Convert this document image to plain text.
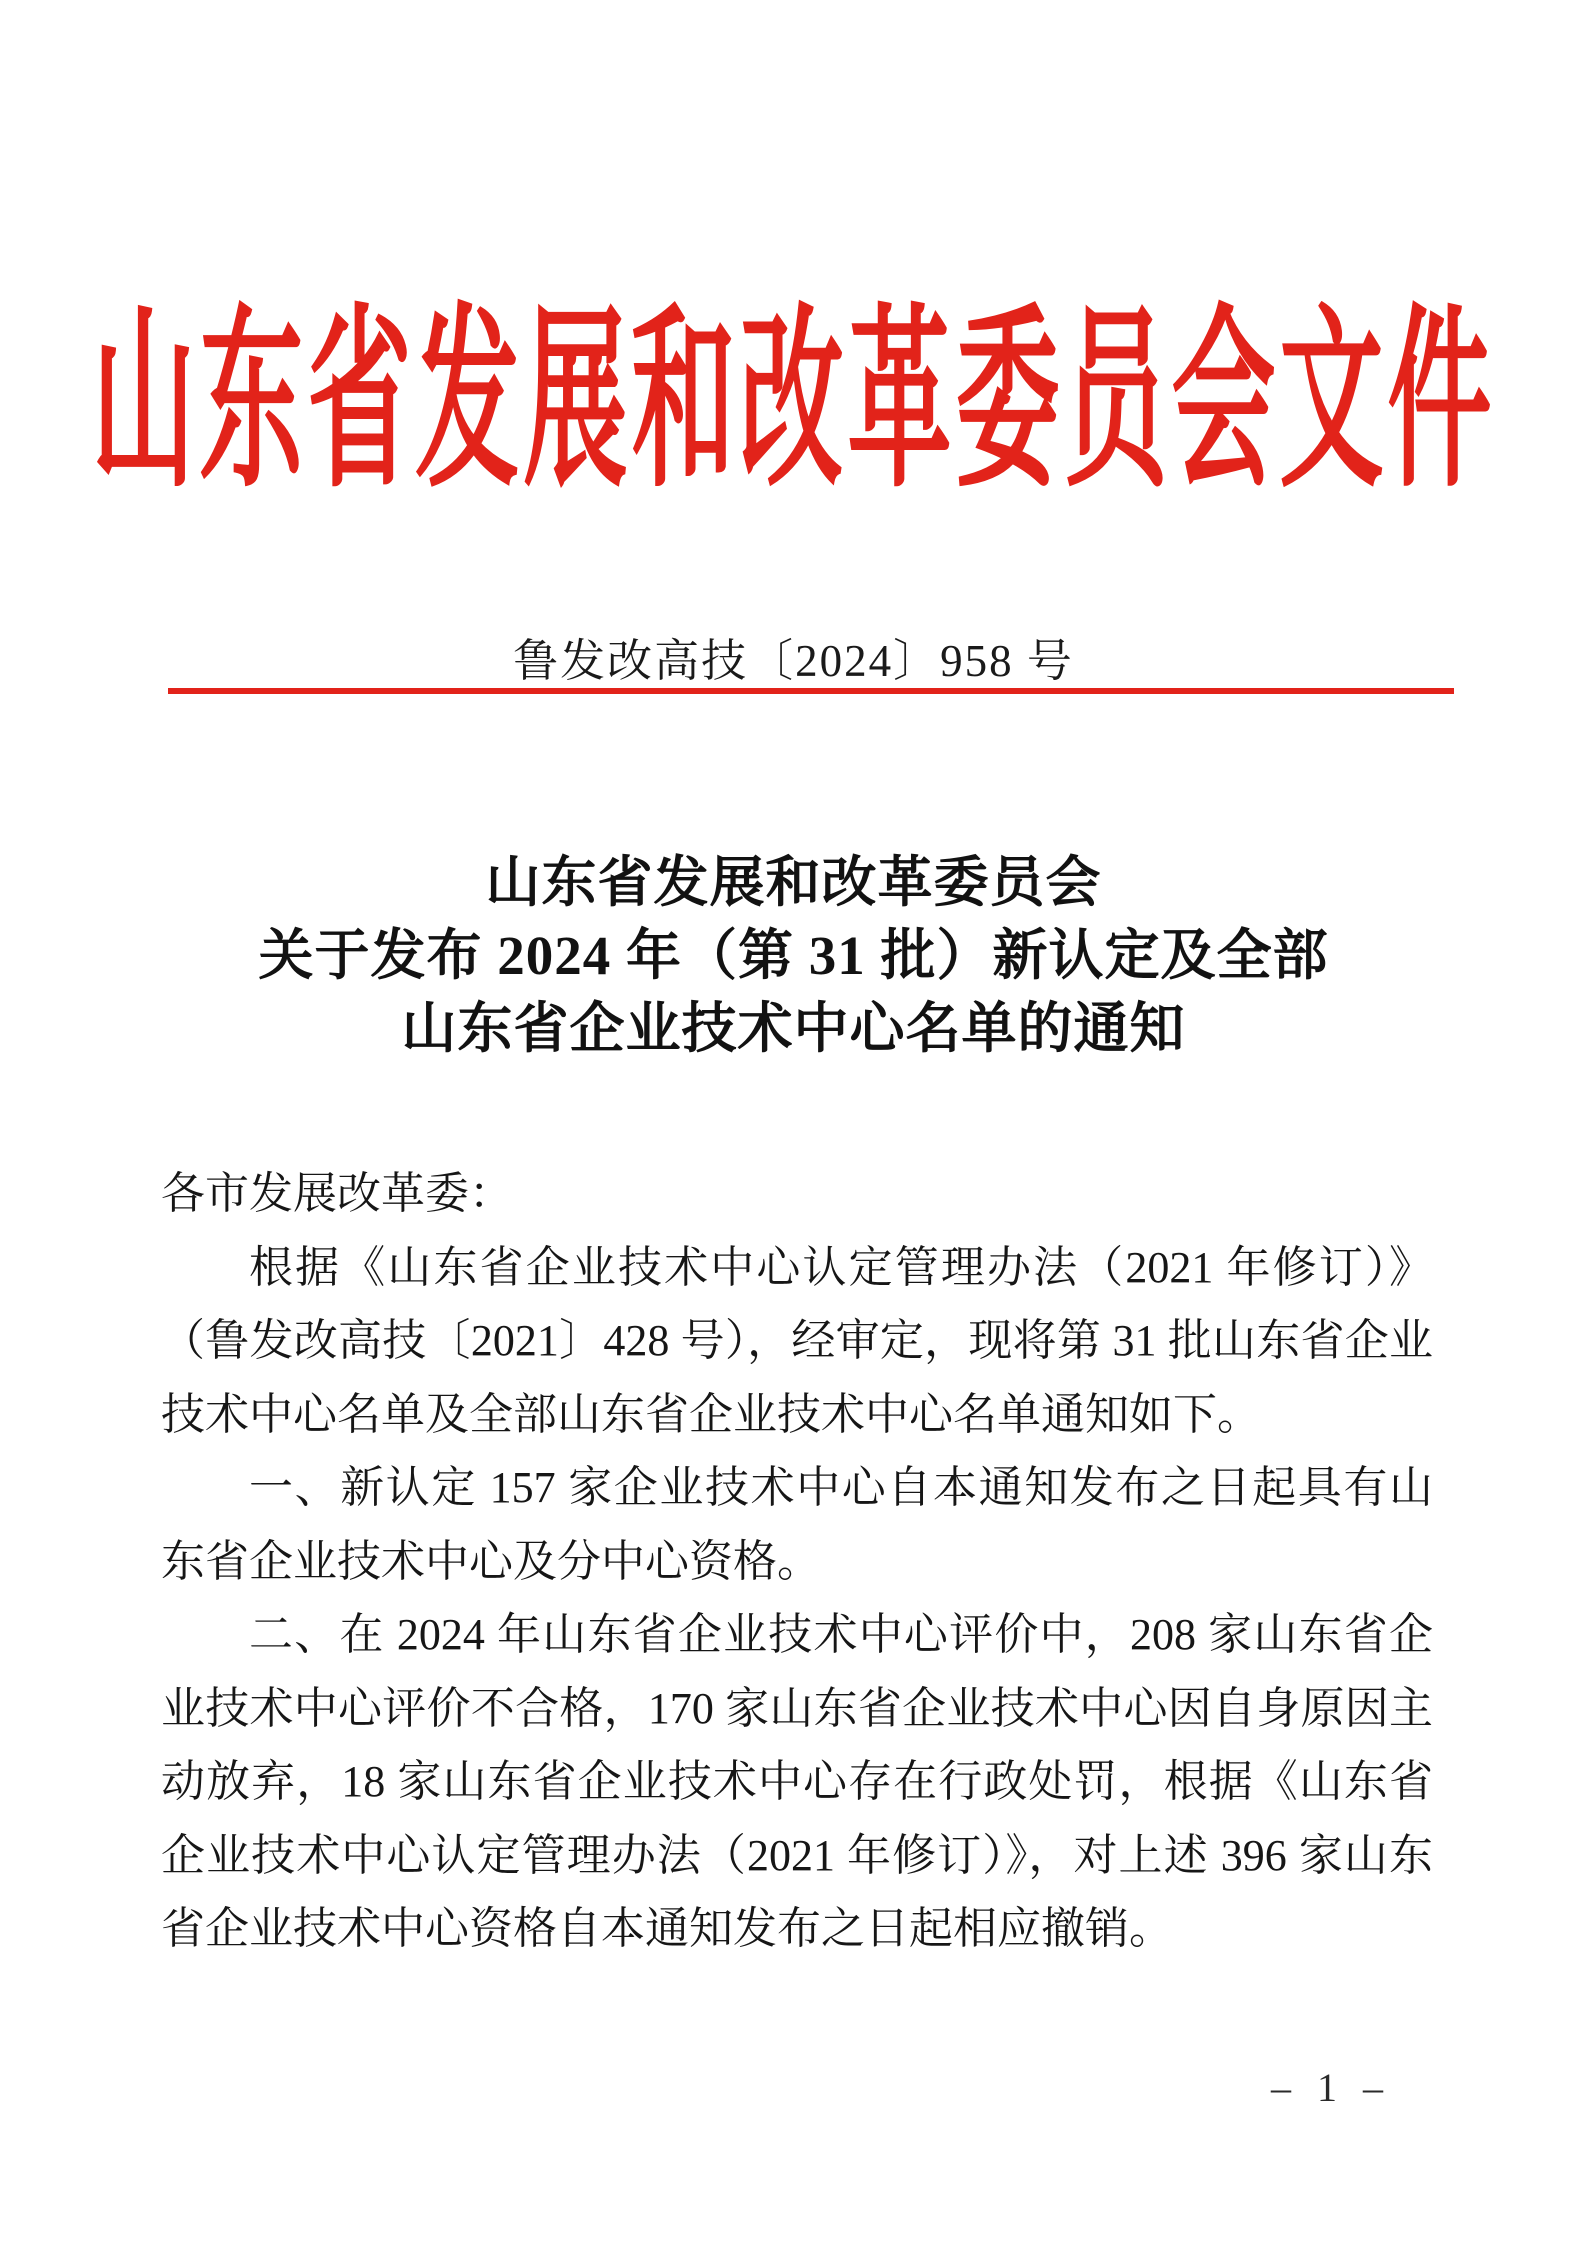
山东省发展和改革委员会文件
鲁发改高技〔2024〕958 号
山东省发展和改革委员会
关于发布 2024 年（第 31 批）新认定及全部
山东省企业技术中心名单的通知

各市发展改革委：

根据《山东省企业技术中心认定管理办法（2021 年修订）》（鲁发改高技〔2021〕428 号），经审定，现将第 31 批山东省企业技术中心名单及全部山东省企业技术中心名单通知如下。

一、新认定 157 家企业技术中心自本通知发布之日起具有山东省企业技术中心及分中心资格。

二、在 2024 年山东省企业技术中心评价中，208 家山东省企业技术中心评价不合格，170 家山东省企业技术中心因自身原因主动放弃，18 家山东省企业技术中心存在行政处罚，根据《山东省企业技术中心认定管理办法（2021 年修订）》，对上述 396 家山东省企业技术中心资格自本通知发布之日起相应撤销。

– 1 –
